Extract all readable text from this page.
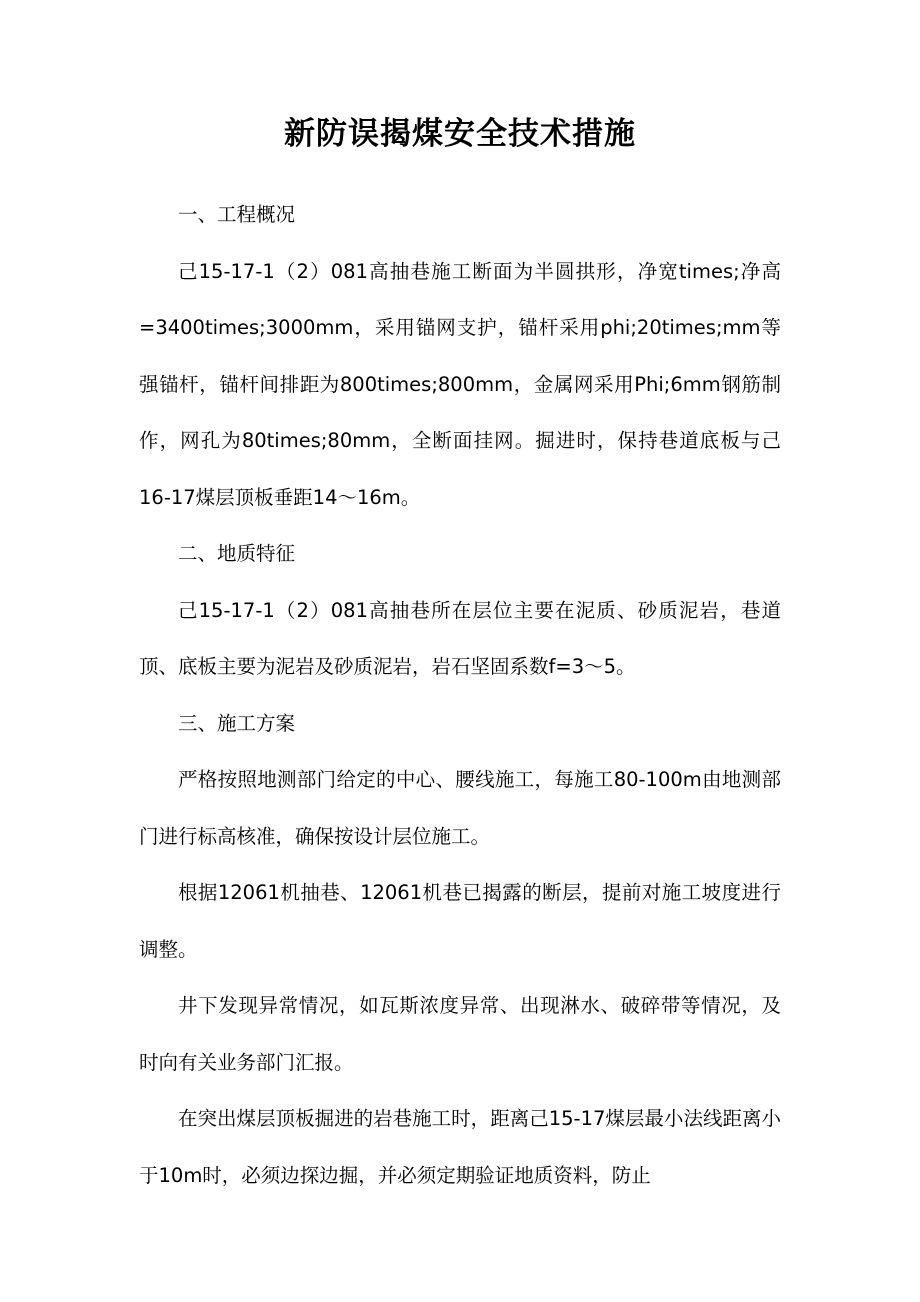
新防误揭煤安全技术措施

一、工程概况

己15-17-1（2）081高抽巷施工断面为半圆拱形，净宽times;净高=3400times;3000mm，采用锚网支护，锚杆采用phi;20times;mm等强锚杆，锚杆间排距为800times;800mm，金属网采用Phi;6mm钢筋制作，网孔为80times;80mm，全断面挂网。掘进时，保持巷道底板与己16-17煤层顶板垂距14～16m。

二、地质特征

己15-17-1（2）081高抽巷所在层位主要在泥质、砂质泥岩，巷道顶、底板主要为泥岩及砂质泥岩，岩石坚固系数f=3～5。

三、施工方案

严格按照地测部门给定的中心、腰线施工，每施工80-100m由地测部门进行标高核准，确保按设计层位施工。

根据12061机抽巷、12061机巷已揭露的断层，提前对施工坡度进行调整。

井下发现异常情况，如瓦斯浓度异常、出现淋水、破碎带等情况，及时向有关业务部门汇报。

在突出煤层顶板掘进的岩巷施工时，距离己15-17煤层最小法线距离小于10m时，必须边探边掘，并必须定期验证地质资料，防止
